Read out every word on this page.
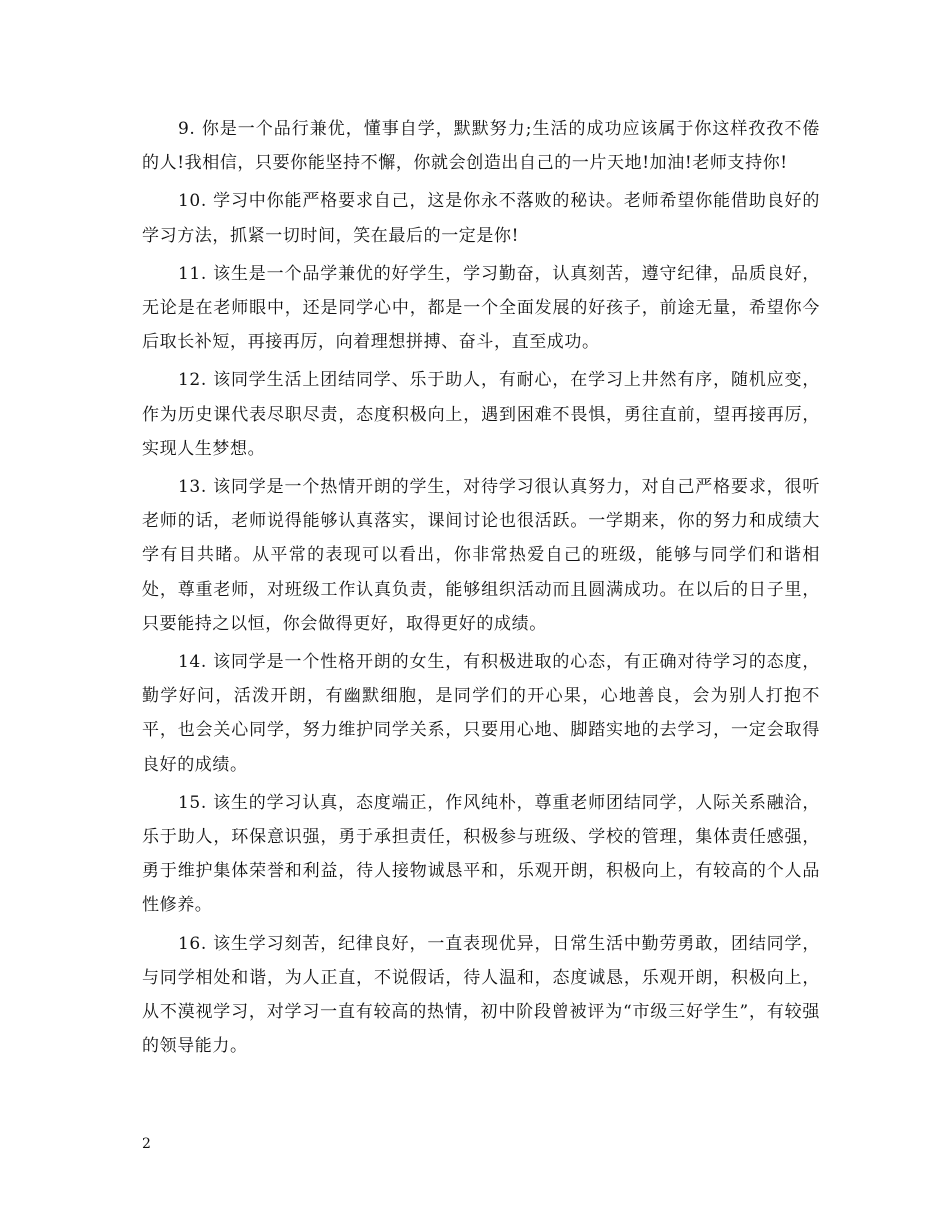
9. 你是一个品行兼优，懂事自学，默默努力;生活的成功应该属于你这样孜孜不倦的人!我相信，只要你能坚持不懈，你就会创造出自己的一片天地!加油!老师支持你!

10. 学习中你能严格要求自己，这是你永不落败的秘诀。老师希望你能借助良好的学习方法，抓紧一切时间，笑在最后的一定是你!

11. 该生是一个品学兼优的好学生，学习勤奋，认真刻苦，遵守纪律，品质良好，无论是在老师眼中，还是同学心中，都是一个全面发展的好孩子，前途无量，希望你今后取长补短，再接再厉，向着理想拼搏、奋斗，直至成功。

12. 该同学生活上团结同学、乐于助人，有耐心，在学习上井然有序，随机应变，作为历史课代表尽职尽责，态度积极向上，遇到困难不畏惧，勇往直前，望再接再厉，实现人生梦想。

13. 该同学是一个热情开朗的学生，对待学习很认真努力，对自己严格要求，很听老师的话，老师说得能够认真落实，课间讨论也很活跃。一学期来，你的努力和成绩大学有目共睹。从平常的表现可以看出，你非常热爱自己的班级，能够与同学们和谐相处，尊重老师，对班级工作认真负责，能够组织活动而且圆满成功。在以后的日子里，只要能持之以恒，你会做得更好，取得更好的成绩。

14. 该同学是一个性格开朗的女生，有积极进取的心态，有正确对待学习的态度，勤学好问，活泼开朗，有幽默细胞，是同学们的开心果，心地善良，会为别人打抱不平，也会关心同学，努力维护同学关系，只要用心地、脚踏实地的去学习，一定会取得良好的成绩。

15. 该生的学习认真，态度端正，作风纯朴，尊重老师团结同学，人际关系融洽，乐于助人，环保意识强，勇于承担责任，积极参与班级、学校的管理，集体责任感强，勇于维护集体荣誉和利益，待人接物诚恳平和，乐观开朗，积极向上，有较高的个人品性修养。

16. 该生学习刻苦，纪律良好，一直表现优异，日常生活中勤劳勇敢，团结同学，与同学相处和谐，为人正直，不说假话，待人温和，态度诚恳，乐观开朗，积极向上，从不漠视学习，对学习一直有较高的热情，初中阶段曾被评为“市级三好学生”，有较强的领导能力。

2
